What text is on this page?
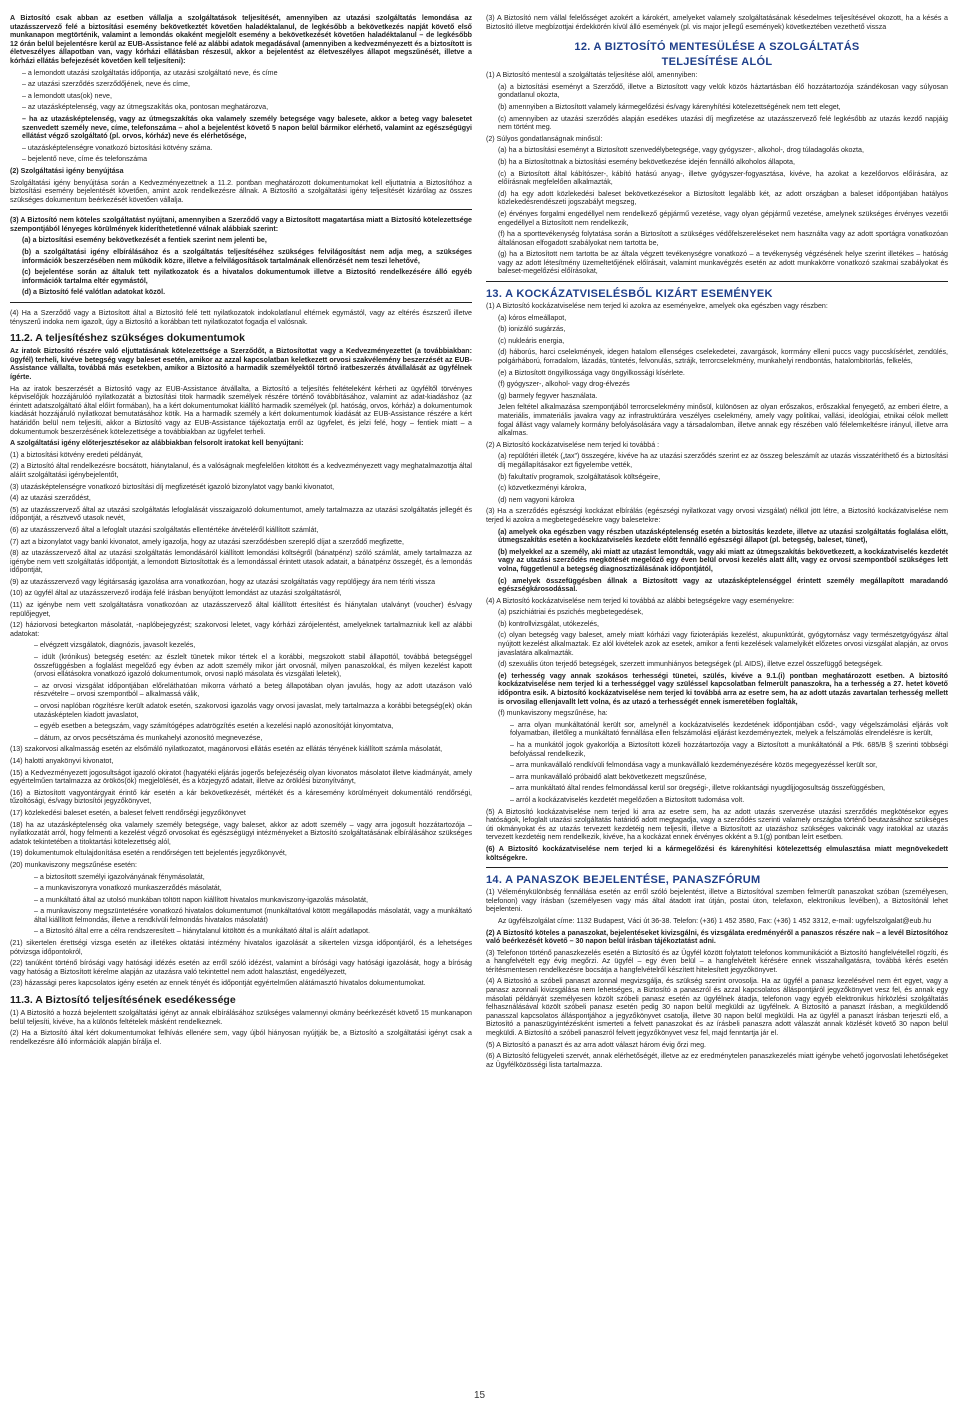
A Biztosító csak abban az esetben vállalja a szolgáltatások teljesítését, amennyiben az utazási szolgáltatás lemondása az utazásszervező felé a biztosítási esemény bekövetkeztét követően haladéktalanul, de legkésőbb a bekövetkezés napját követő első munkanapon megtörténik, valamint a lemondás okaként megjelölt esemény a bekövetkezését követően haladéktalanul – de legkésőbb 12 órán belül bejelentésre kerül az EUB-Assistance felé az alábbi adatok megadásával (amennyiben a kedvezményezett és a biztosított is életveszélyes állapotban van, vagy kórházi ellátásban részesül, akkor a bejelentést az életveszélyes állapot megszűnését, illetve a kórházi ellátás befejezését követően kell teljesíteni):

– a lemondott utazási szolgáltatás időpontja, az utazási szolgáltató neve, és címe

– az utazási szerződés szerződőjének, neve és címe,

– a lemondott utas(ok) neve,

– az utazásképtelenség, vagy az útmegszakítás oka, pontosan meghatározva,

– ha az utazásképtelenség, vagy az útmegszakítás oka valamely személy betegsége vagy balesete, akkor a beteg vagy balesetet szenvedett személy neve, címe, telefonszáma – ahol a bejelentést követő 5 napon belül bármikor elérhető, valamint az egészségügyi ellátást végző szolgáltató (pl. orvos, kórház) neve és elérhetősége,

– utazásképtelenségre vonatkozó biztosítási kötvény száma.

– bejelentő neve, címe és telefonszáma

(2) Szolgáltatási igény benyújtása

Szolgáltatási igény benyújtása során a Kedvezményezettnek a 11.2. pontban meghatározott dokumentumokat kell eljuttatnia a Biztosítóhoz a biztosítási esemény bejelentését követően, amint azok rendelkezésre állnak. A Biztosító a szolgáltatási igény teljesítését kizárólag az összes szükséges dokumentum beérkezését követően vállalja.

(3) A Biztosító nem köteles szolgáltatást nyújtani, amennyiben a Szerződő vagy a Biztosított magatartása miatt a Biztosító kötelezettsége szempontjából lényeges körülmények kideríthetetlenné válnak alábbiak szerint:

(a) a biztosítási esemény bekövetkezését a fentiek szerint nem jelenti be,

(b) a szolgáltatási igény elbírálásához és a szolgáltatás teljesítéséhez szükséges felvilágosítást nem adja meg, a szükséges információk beszerzésében nem működik közre, illetve a felvilágosítások tartalmának ellenőrzését nem teszi lehetővé,

(c) bejelentése során az általuk tett nyilatkozatok és a hivatalos dokumentumok illetve a Biztosító rendelkezésére álló egyéb információk tartalma eltér egymástól,

(d) a Biztosító felé valótlan adatokat közöl.

(4) Ha a Szerződő vagy a Biztosított által a Biztosító felé tett nyilatkozatok indokolatlanul eltérnek egymástól, vagy az eltérés észszerű illetve tényszerű indoka nem igazolt, úgy a Biztosító a korábban tett nyilatkozatot fogadja el valósnak.

11.2. A teljesítéshez szükséges dokumentumok

Az iratok Biztosító részére való eljuttatásának kötelezettsége a Szerződőt, a Biztosítottat vagy a Kedvezményezettet (a továbbiakban: ügyfél) terheli, kivéve betegség vagy baleset esetén, amikor az azzal kapcsolatban keletkezett orvosi szakvélemény beszerzését az EUB-Assistance vállalta, továbbá más esetekben, amikor a Biztosító a harmadik személyektől törtnő iratbeszerzés átvállalását az ügyfélnek ígérte.

Ha az iratok beszerzését a Biztosító vagy az EUB-Assistance átvállalta, a Biztosító a teljesítés feltételeként kérheti az ügyféltől törvényes képviselőjük hozzájárulóó nyilatkozatát a biztosítási titok harmadik személyek részére történő továbbításához, valamint az adat-kiadáshoz (az érintett adatszolgáltató által előírt formában), ha a kért dokumentumokat kiállító harmadik személyek (pl. hatóság, orvos, kórház) a dokumentumok kiadását hozzájáruló nyilatkozat bemutatásához kötik. Ha a harmadik személy a kért dokumentumok kiadását az EUB-Assistance részére a kért határidőn belül nem teljesíti, akkor a Biztosító vagy az EUB-Assistance tájékoztatja erről az ügyfelet, és jelzi felé, hogy – fentiek miatt – a dokumentumok beszerzésének kötelezettsége a továbbiakban az ügyfelet terheli.

A szolgáltatási igény előterjesztésekor az alábbiakban felsorolt iratokat kell benyújtani:

(1) a biztosítási kötvény eredeti példányát,

(2) a Biztosító által rendelkezésre bocsátott, hiánytalanul, és a valóságnak megfelelően kitöltött és a kedvezményezett vagy meghatalmazottja által aláírt szolgáltatási igénybejelentőt,

(3) utazásképtelenségre vonatkozó biztosítási díj megfizetését igazoló bizonylatot vagy banki kivonatot,

(4) az utazási szerződést,

(5) az utazásszervező által az utazási szolgáltatás lefoglalását visszaigazoló dokumentumot, amely tartalmazza az utazási szolgáltatás jellegét és időpontját, a résztvevő utasok nevét,

(6) az utazásszervező által a lefoglalt utazási szolgáltatás ellentértéke átvételéről kiállított számlát,

(7) azt a bizonylatot vagy banki kivonatot, amely igazolja, hogy az utazási szerződésben szereplő díjat a szerződő megfizette,

(8) az utazásszervező által az utazási szolgáltatás lemondásáról kiállított lemondási költségről (bánatpénz) szóló számlát, amely tartalmazza az igénybe nem vett szolgáltatás időpontját, a lemondott Biztosítottak és a lemondással érintett utasok adatait, a bánatpénz összegét, és a lemondás időpontját,

(9) az utazásszervező vagy légitársaság igazolása arra vonatkozóan, hogy az utazási szolgáltatás vagy repülőjegy ára nem téríti vissza

(10) az ügyfél által az utazásszervező irodája felé írásban benyújtott lemondást az utazási szolgáltatásról,

(11) az igénybe nem vett szolgáltatásra vonatkozóan az utazásszervező által kiállított értesítést és hiánytalan utalványt (voucher) és/vagy repülőjegyet,

(12) háziorvosi betegkarton másolatát, -naplóbejegyzést; szakorvosi leletet, vagy kórházi zárójelentést, amelyeknek tartalmazniuk kell az alábbi adatokat:

– elvégzett vizsgálatok, diagnózis, javasolt kezelés,

– idült (krónikus) betegség esetén: az észlelt tünetek mikor tértek el a korábbi, megszokott stabil állapottól, továbbá betegséggel összefüggésben a foglalást megelőző egy évben az adott személy mikor járt orvosnál, milyen panaszokkal, és milyen kezelést kapott (orvosi ellátásokra vonatkozó igazoló dokumentumok, orvosi napló másolata és vizsgálati leletek),

– az orvosi vizsgálat időpontjában előreláthatóan mikorra várható a beteg állapotában olyan javulás, hogy az adott utazáson való részvételre – orvosi szempontból – alkalmassá válik,

– orvosi naplóban rögzítésre került adatok esetén, szakorvosi igazolás vagy orvosi javaslat, mely tartalmazza a korábbi betegség(ek) okán utazásképtelen kiadott javaslatot,

– egyéb esetben a betegszám, vagy számítógépes adatrögzítés esetén a kezelési napló azonosítóját kinyomtatva,

– dátum, az orvos pecsétszáma és munkahelyi azonosító megnevezése,

(13) szakorvosi alkalmasság esetén az elsőmáló nyilatkozatot, magánorvosi ellátás esetén az ellátás tényének kiállított számla másolatát,

(14) halotti anyakönyvi kivonatot,

(15) a Kedvezményezett jogosultságot igazoló okiratot (hagyatéki eljárás jogerős befejezéséig olyan kivonatos másolatot illetve kiadmányát, amely egyértelműen tartalmazza az örökös(ök) megjelölését, és a közjegyző adatait, illetve az öröklési bizonyítványt,

(16) a Biztosított vagyontárgyait érintő kár esetén a kár bekövetkezését, mértékét és a káresemény körülményeit dokumentáló rendőrségi, tűzoltósági, és/vagy biztosítói jegyzőkönyvet,

(17) közlekedési baleset esetén, a baleset felvett rendőrségi jegyzőkönyvet

(18) ha az utazásképtelenség oka valamely személy betegsége, vagy baleset, akkor az adott személy – vagy arra jogosult hozzátartozója – nyilatkozatát arról, hogy felmenti a kezelést végző orvosokat és egészségügyi intézményeket a Biztosító szolgáltatásának elbírálásához szükséges adatok tekintetében a titoktartási kötelezettség alól,

(19) dokumentumok eltulajdonítása esetén a rendőrségen tett bejelentés jegyzőkönyvét,

(20) munkaviszony megszűnése esetén:

– a biztosított személyi igazolványának fénymásolatát,

– a munkaviszonyra vonatkozó munkaszerződés másolatát,

– a munkáltató által az utolsó munkában töltött napon kiállított hivatalos munkaviszony-igazolás másolatát,

– a munkaviszony megszüntetésére vonatkozó hivatalos dokumentumot (munkáltatóval kötött megállapodás másolatát, vagy a munkáltató által kiállított felmondás, illetve a rendkívüli felmondás hivatalos másolatát)

– a Biztosító által erre a célra rendszeresített – hiánytalanul kitöltött és a munkáltató által is aláírt adatlapot.

(21) sikertelen érettségi vizsga esetén az illetékes oktatási intézmény hivatalos igazolását a sikertelen vizsga időpontjáról, és a lehetséges pótvizsga időpontokról,

(22) tanúként történő bírósági vagy hatósági idézés esetén az erről szóló idézést, valamint a bírósági vagy hatósági igazolását, hogy a bíróság vagy hatóság a Biztosított kérelme alapján az utazásra való tekintettel nem adott halasztást, engedélyezett,

(23) házassági peres kapcsolatos igény esetén az ennek tényét és időpontját egyértelműen alátámasztó hivatalos dokumentumokat.

11.3. A Biztosító teljesítésének esedékessége

(1) A Biztosító a hozzá bejelentett szolgáltatási igényt az annak elbírálásához szükséges valamennyi okmány beérkezését követő 15 munkanapon belül teljesíti, kivéve, ha a különös feltételek másként rendelkeznek.

(2) Ha a Biztosító által kért dokumentumokat felhívás ellenére sem, vagy újból hiányosan nyújtják be, a Biztosító a szolgáltatási igényt csak a rendelkezésre álló információk alapján bírálja el.

(3) A Biztosító nem vállal felelősséget azokért a károkért, amelyeket valamely szolgáltatásának késedelmes teljesítésével okozott, ha a késés a Biztosító illetve megbízottjai érdekkörén kívül álló események (pl. vis major jellegű események) következtében vezethető vissza

12. A BIZTOSÍTÓ MENTESÜLÉSE A SZOLGÁLTATÁS
TELJESÍTÉSE ALÓL

(1) A Biztosító mentesül a szolgáltatás teljesítése alól, amennyiben:

(a) a biztosítási eseményt a Szerződő, illetve a Biztosított vagy velük közös háztartásban élő hozzátartozója szándékosan vagy súlyosan gondatlanul okozta,

(b) amennyiben a Biztosított valamely kármegelőzési és/vagy kárenyhítési kötelezettségének nem tett eleget,

(c) amennyiben az utazási szerződés alapján esedékes utazási díj megfizetése az utazásszervező felé legkésőbb az utazás kezdő napjáig nem történt meg.

(2) Súlyos gondatlanságnak minősül:

(a) ha a biztosítási eseményt a Biztosított szenvedélybetegsége, vagy gyógyszer-, alkohol-, drog túladagolás okozta,

(b) ha a Biztosítottnak a biztosítási esemény bekövetkezése idején fennálló alkoholos állapota,

(c) a Biztosított által kábítószer-, kábító hatású anyag-, illetve gyógyszer-fogyasztása, kivéve, ha azokat a kezelőorvos előírására, az előírásnak megfelelően alkalmazták,

(d) ha egy adott közlekedési baleset bekövetkezésekor a Biztosított legalább két, az adott országban a baleset időpontjában hatályos közlekedésrendészeti jogszabályt megszeg,

(e) érvényes forgalmi engedéllyel nem rendelkező gépjármű vezetése, vagy olyan gépjármű vezetése, amelynek szükséges érvényes vezetői engedéllyel a Biztosított nem rendelkezik,

(f) ha a sporttevékenység folytatása során a Biztosított a szükséges védőfelszereléseket nem használta vagy az adott sportágra vonatkozóan általánosan elfogadott szabályokat nem tartotta be,

(g) ha a Biztosított nem tartotta be az általa végzett tevékenységre vonatkozó – a tevékenység végzésének helye szerint illetékes – hatóság vagy az adott létesítmény üzemeltetőjének előírásait, valamint munkavégzés esetén az adott munkakörre vonatkozó szakmai szabályokat és baleset-megelőzési előírásokat,

13. A KOCKÁZATVISELÉSBŐL KIZÁRT ESEMÉNYEK

(1) A Biztosító kockázatviselése nem terjed ki azokra az eseményekre, amelyek oka egészben vagy részben:

(a) kóros elmeállapot,

(b) ionizáló sugárzás,

(c) nukleáris energia,

(d) háborús, harci cselekmények, idegen hatalom ellenséges cselekedetei, zavargások, korrmány elleni puccs vagy puccskísérlet, zendülés, polgárháború, forradalom, lázadás, tüntetés, felvonulás, sztrájk, terrorcselekmény, munkahelyi rendbontás, hatalombitorlás, felkelés,

(e) a Biztosított öngyilkossága vagy öngyilkossági kísérlete.

(f) gyógyszer-, alkohol- vagy drog-élvezés

(g) barmely fegyver használata.

Jelen feltétel alkalmazása szempontjából terrorcselekmény minősül, különösen az olyan erőszakos, erőszakkal fenyegető, az emberi életre, a materiális, immateriális javakra vagy az infrastruktúrára veszélyes cselekmény, amely vagy politikai, vallási, ideológiai, etnikai célok mellett fogal állást vagy valamely kormány befolyásolására vagy a társadalomban, illetve annak egy részében való félelemkeltésre irányul, illetve arra alkalmas.

(2) A Biztosító kockázatviselése nem terjed ki továbbá :

(a) repülőtéri illeték („tax") összegére, kivéve ha az utazási szerződés szerint ez az összeg beleszámít az utazás visszatéríthető és a biztosítási díj megállapításakor ezt figyelembe vették,

(b) fakultatív programok, szolgáltatások költségeire,

(c) közvetkezményi károkra,

(d) nem vagyoni károkra

(3) Ha a szerződés egészségi kockázat elbírálás (egészségi nyilatkozat vagy orvosi vizsgálat) nélkül jött létre, a Biztosító kockázatviselése nem terjed ki azokra a megbetegedésekre vagy balesetekre:

(a) amelyek oka egészben vagy részben utazásképtelenség esetén a biztosítás kezdete, illetve az utazási szolgáltatás foglalása előtt, útmegszakítás esetén a kockázatviselés kezdete előtt fennálló egészségi állapot (pl. betegség, baleset, tünet),

(b) melyekkel az a személy, aki miatt az utazást lemondták, vagy aki miatt az útmegszakítás bekövetkezett, a kockázatviselés kezdetét vagy az utazási szerződés megkötését megelőző egy éven belül orvosi kezelés alatt állt, vagy ez orvosi szempontból szükséges lett volna, függetlenül a betegség diagnosztizálásának időpontjától,

(c) amelyek összefüggésben állnak a Biztosított vagy az utazásképtelenséggel érintett személy megállapított maradandó egészségkárosodással.

(4) A Biztosító kockázatviselése nem terjed ki továbbá az alábbi betegségekre vagy eseményekre:

(a) pszichiátriai és pszichés megbetegedések,

(b) kontrollvizsgálat, utókezelés,

(c) olyan betegség vagy baleset, amely miatt kórházi vagy fizioterápiás kezelést, akupunktúrát, gyógytornász vagy természetgyógyász által nyújtott kezelést alkalmaztak. Ez alól kivételek azok az esetek, amikor a fenti kezelések valamelyikét előzetes orvosi vizsgálat alapján, az orvos javaslatára alkalmazták.

(d) szexuális úton terjedő betegségek, szerzett immunhiányos betegségek (pl. AIDS), illetve ezzel összefüggő betegségek.

(e) terhesség vagy annak szokásos terhességi tünetei, szülés, kivéve a 9.1.(i) pontban meghatározott esetben. A biztosító kockázatviselése nem terjed ki a terhességgel vagy szüléssel kapcsolatban felmerült panaszokra, ha a terhesség a 27. hetet követő időpontra esik. A biztosító kockázatviselése nem terjed ki továbbá arra az esetre sem, ha az adott utazás zavartalan terhesség mellett is orvosilag ellenjavallt lett volna, és az utazó a terhességét ennek ismeretében foglalták,

(f) munkaviszony megszűnése, ha:

– arra olyan munkáltatónál került sor, amelynél a kockázatviselés kezdetének időpontjában csőd-, vagy végelszámolási eljárás volt folyamatban, illetőleg a munkáltató fennállása ellen felszámolási eljárást kezdeményeztek, melyek a felszámolás elrendelésre is került,

– ha a munkától jogok gyakorlója a Biztosított közeli hozzátartozója vagy a Biztosított a munkáltatónál a Ptk. 685/B § szerinti többségi befolyással rendelkezik,

– arra munkavállaló rendkívüli felmondása vagy a munkavállaló kezdeményezésére közös megegyezéssel került sor,

– arra munkavállaló próbaidő alatt bekövetkezett megszűnése,

– arra munkáltató által rendes felmondással kerül sor öregségi-, illetve rokkantsági nyugdíjjogosultság összefüggésben,

– arról a kockázatviselés kezdetét megelőzően a Biztosított tudomása volt.

(5) A Biztosító kockázatviselése nem terjed ki arra az esetre sem, ha az adott utazás szervezése utazási szerződés megkötésekor egyes hatóságok, lefoglalt utazási szolgáltatás határidő adott megtagadja, vagy a szerződés szerinti valamely országba történő beutazásához szükséges úti okmányokat és az utazás tervezett kezdetéig nem teljesíti, illetve a Biztosított az utazáshoz szükséges vakcinák vagy iratokkal az utazás tervezett kezdetéig nem rendelkezik, kivéve, ha a kockázat ennek érvényes okként a 9.1(g) pontban leírt esetben.

(6) A Biztosító kockázatviselése nem terjed ki a kármegelőzési és kárenyhítési kötelezettség elmulasztása miatt megnövekedett költségekre.

14. A PANASZOK BEJELENTÉSE, PANASZFÓRUM

(1) Véleménykülönbség fennállása esetén az erről szóló bejelentést, illetve a Biztosítóval szemben felmerült panaszokat szóban (személyesen, telefonon) vagy írásban (személyesen vagy más által átadott irat útján, postai úton, telefaxon, elektronikus levélben), a Biztosítónál lehet bejelenteni.

Az ügyfélszolgálat címe: 1132 Budapest, Váci út 36-38. Telefon: (+36) 1 452 3580, Fax: (+36) 1 452 3312, e-mail: ugyfelszolgalat@eub.hu

(2) A Biztosító köteles a panaszokat, bejelentéseket kivizsgálni, és vizsgálata eredményéről a panaszos részére nak – a levél Biztosítóhoz való beérkezését követő – 30 napon belül írásban tájékoztatást adni.

(3) Telefonon történő panaszkezelés esetén a Biztosító és az Ügyfél között folytatott telefonos kommunikációt a Biztosító hangfelvétellel rögzíti, és a hangfelvételt egy évig megőrzi. Az ügyfél – egy éven belül – a hangfelvételt kérésére ennek visszahallgatásra, továbbá kérés esetén térítésmentesen rendelkezésre bocsátja a hangfelvételről készített hitelesített jegyzőkönyvet.

(4) A Biztosító a szóbeli panaszt azonnal megvizsgálja, és szükség szerint orvosolja. Ha az ügyfél a panasz kezelésével nem ért egyet, vagy a panasz azonnali kivizsgálása nem lehetséges, a Biztosító a panaszról és azzal kapcsolatos álláspontjáról jegyzőkönyvet vesz fel, és annak egy másolati példányát személyesen közölt szóbeli panasz esetén az ügyfélnek átadja, telefonon vagy egyéb elektronikus hírközlési szolgáltatás felhasználásával közölt szóbeli panasz esetén pedig 30 napon belül megküldi az ügyfélnek. A Biztosító a panaszt írásban, a megküldendő panasszal kapcsolatos álláspontjához a jegyzőkönyvet csatolja, illetve 30 napon belül megküldi. Ha az ügyfél a panaszt írásban terjeszti elő, a Biztosító a panaszügyintézésként ismerteti a felvett panaszokat és az írásbeli panaszra adott válaszát annak közlését követő 30 napon belül megküldi. A Biztosító a szóbeli panaszról felvett jegyzőkönyvet vesz fel, majd fenntartja jár el.

(5) A Biztosító a panaszt és az arra adott választ három évig őrzi meg.

(6) A Biztosító felügyeleti szervét, annak elérhetőségét, illetve az ez eredménytelen panaszkezelés miatt igénybe vehető jogorvoslati lehetőségeket az Ügyfélközösségi lista tartalmazza.

15
